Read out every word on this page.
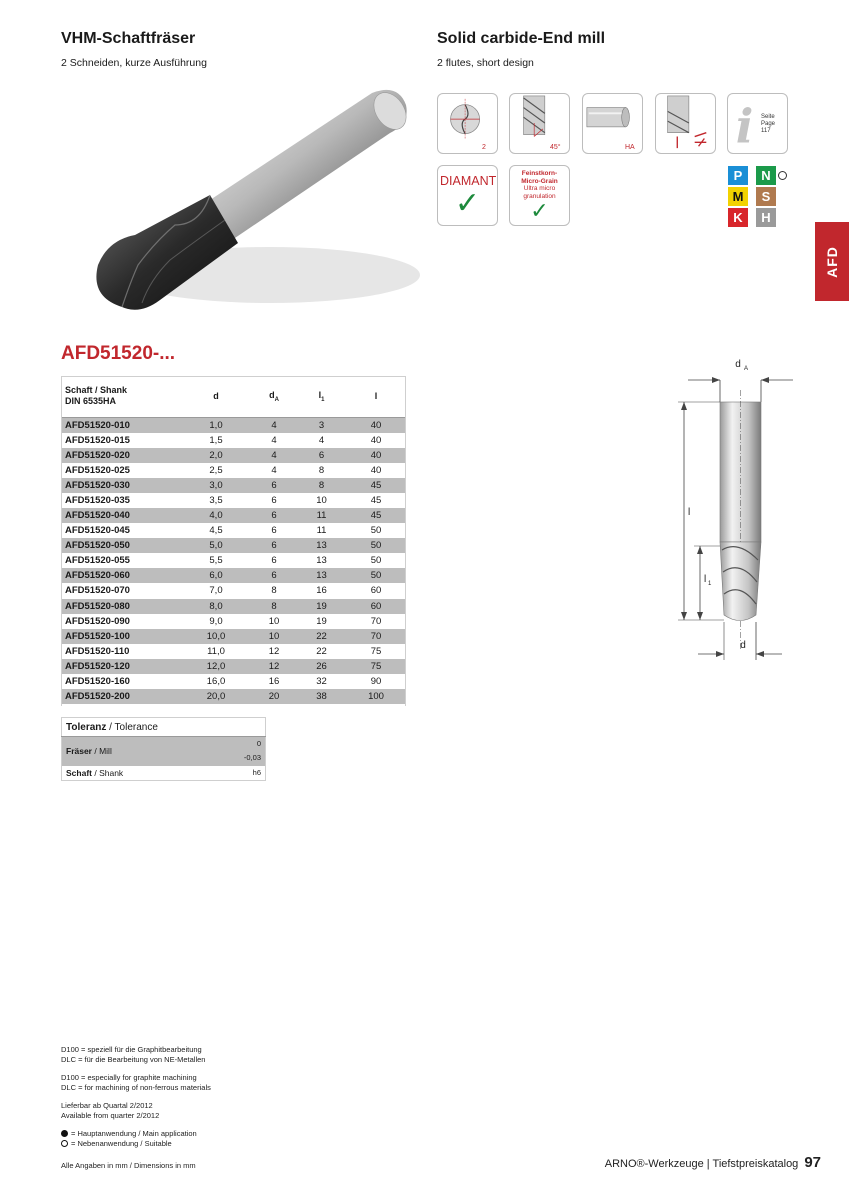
VHM-Schaftfräser
2 Schneiden, kurze Ausführung
Solid carbide-End mill
2 flutes, short design
AFD
2	45°	HA i Seite Page
117
DIAMANT
✓
Feinstkorn-
Micro-Grain
Ultra micro
granulation
✓
P	N
M	S
K	H
AFD51520-...
Schaft / Shank
DIN 6535HA	d	$d_A$	$l_1$	l
AFD51520-010	1,0	4	3	40
AFD51520-015	1,5	4	4	40
AFD51520-020	2,0	4	6	40
AFD51520-025	2,5	4	8	40
AFD51520-030	3,0	6	8	45
AFD51520-035	3,5	6	10	45
AFD51520-040	4,0	6	11	45
AFD51520-045	4,5	6	11	50
AFD51520-050	5,0	6	13	50
AFD51520-055	5,5	6	13	50
AFD51520-060	6,0	6	13	50
AFD51520-070	7,0	8	16	60
AFD51520-080	8,0	8	19	60
AFD51520-090	9,0	10	19	70
AFD51520-100	10,0	10	22	70
AFD51520-110	11,0	12	22	75
AFD51520-120	12,0	12	26	75
AFD51520-160	16,0	16	32	90
AFD51520-200	20,0	20	38	100
Toleranz / Tolerance	
Fräser / Mill	0
-0,03
Schaft / Shank	h6
d A
l
l 1
d

D100 = speziell für die Graphitbearbeitung
DLC = für die Bearbeitung von NE-Metallen

D100 = especially for graphite machining
DLC = for machining of non-ferrous materials

Lieferbar ab Quartal 2/2012
Available from quarter 2/2012

= Hauptanwendung / Main application
= Nebenanwendung / Suitable
Alle Angaben in mm / Dimensions in mm	ARNO®-Werkzeuge | Tiefstpreiskatalog 97
